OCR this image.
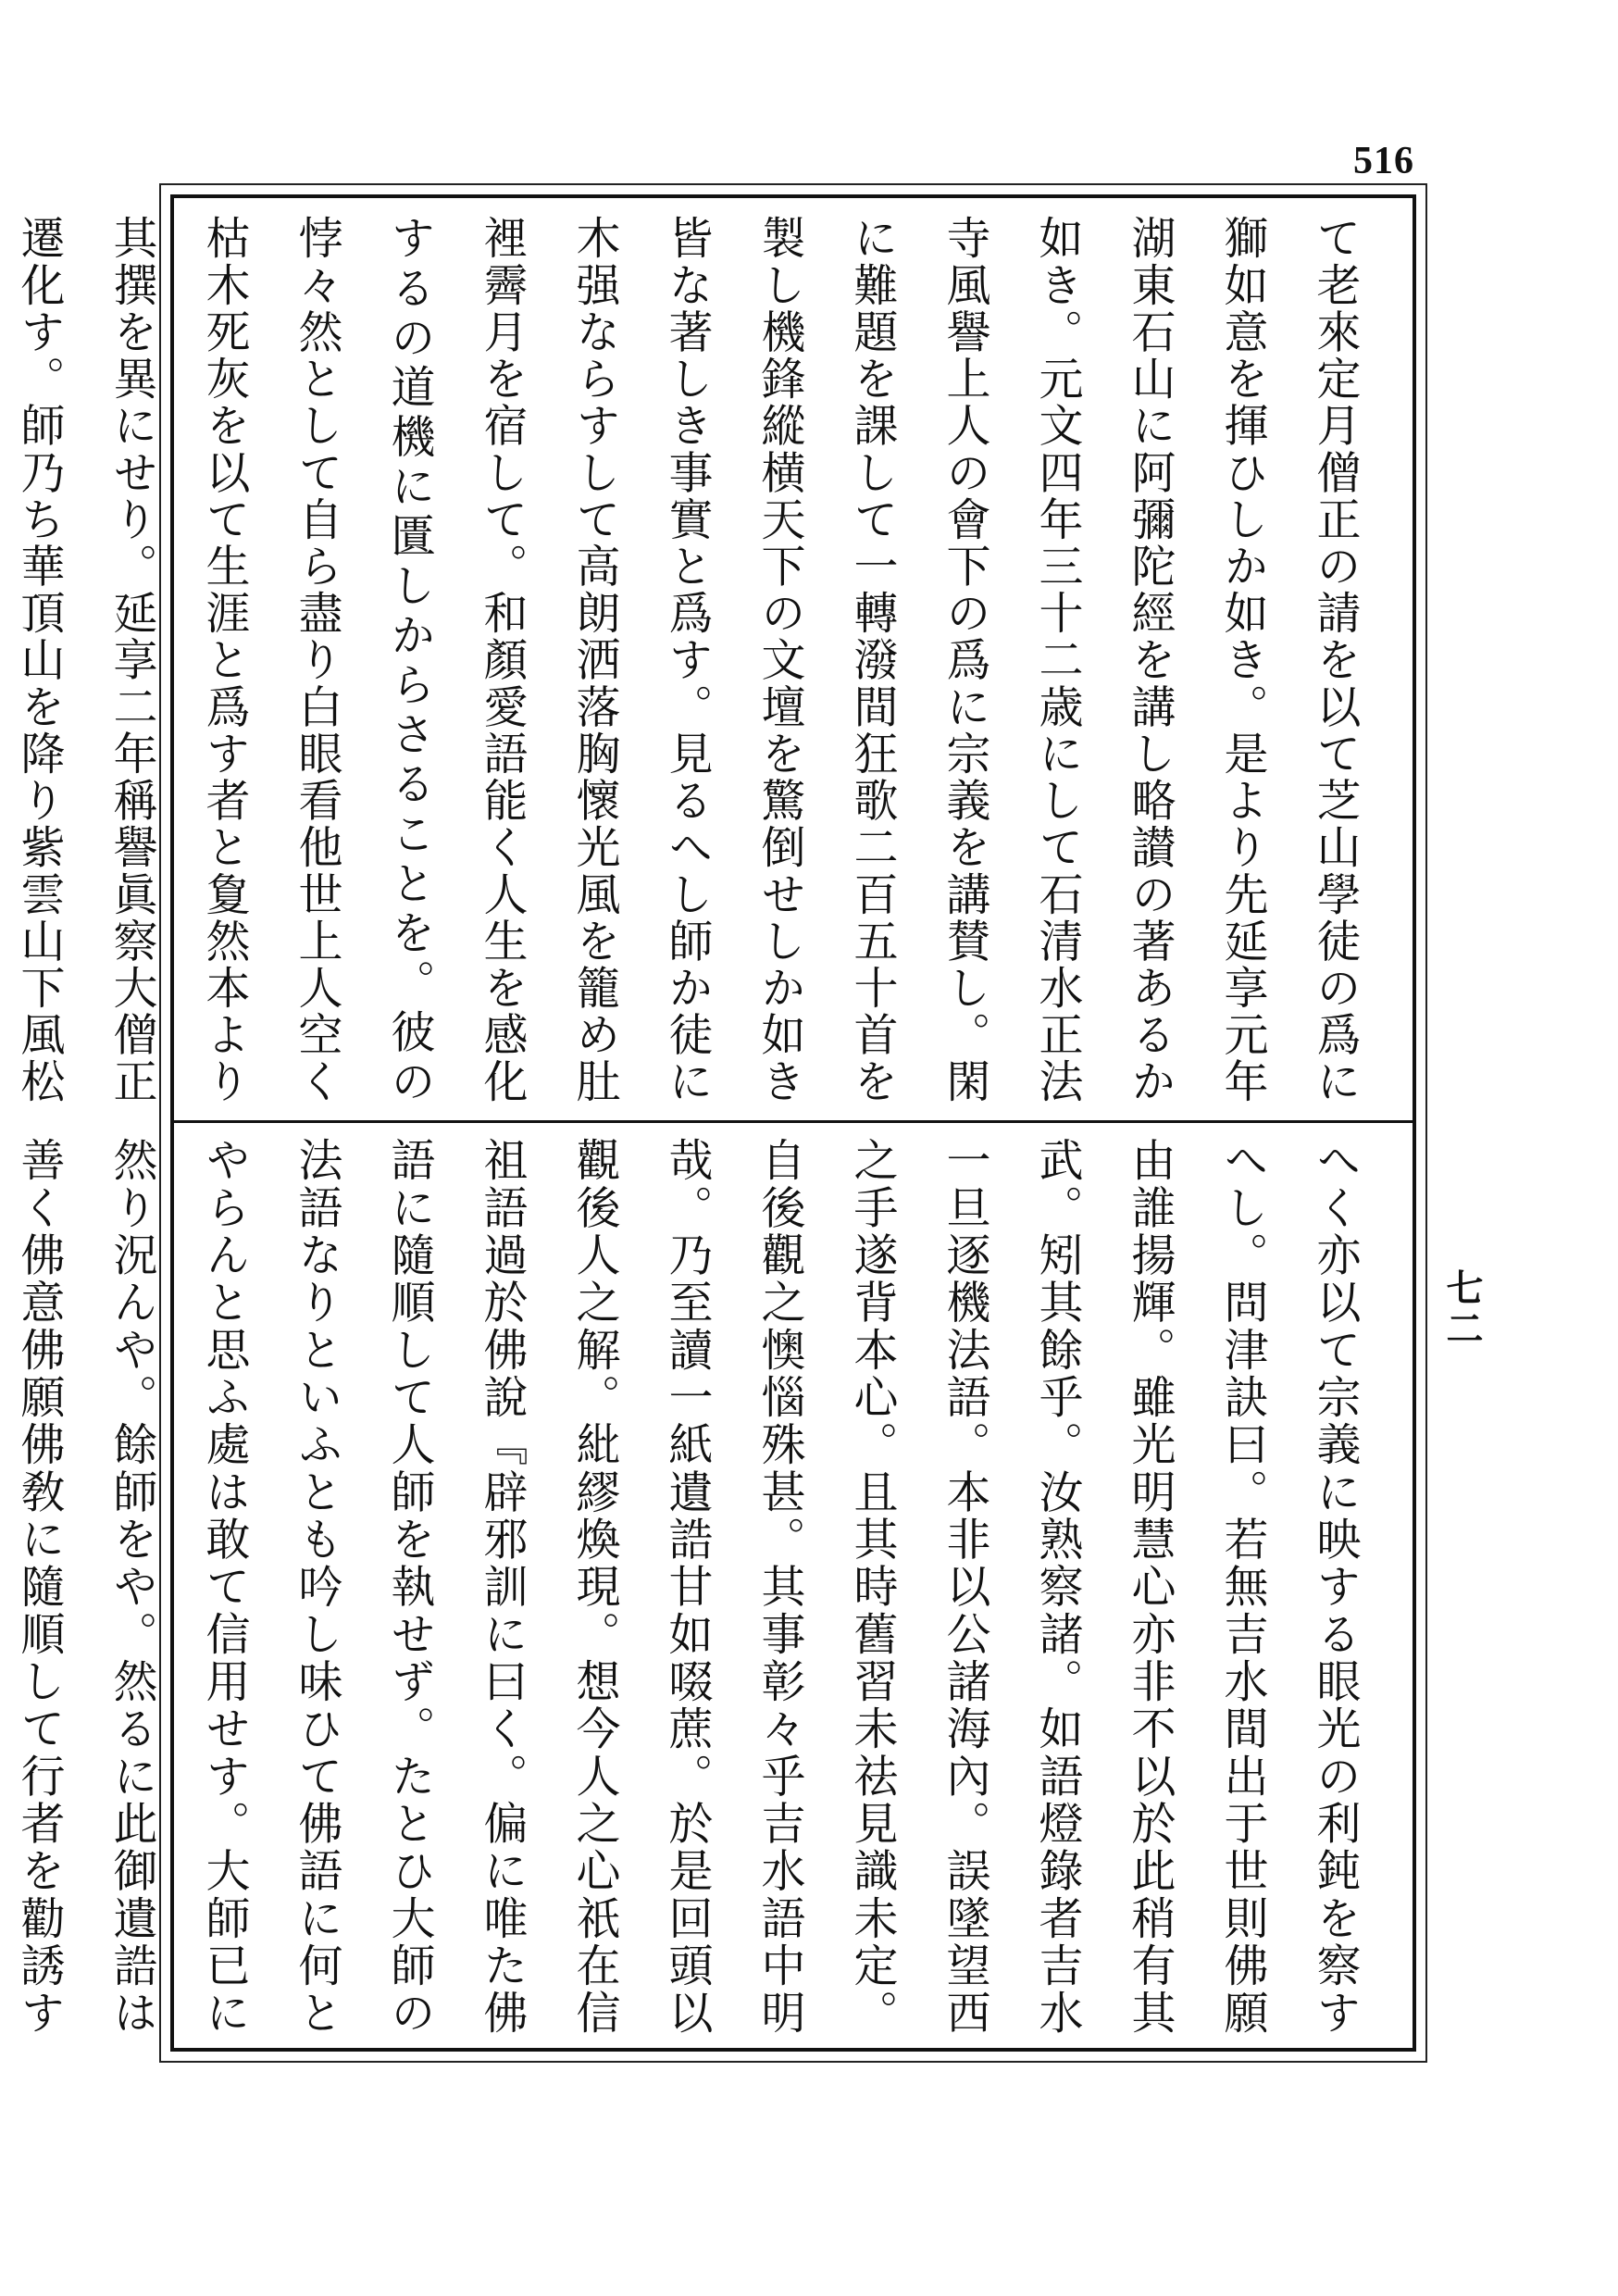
516
て老來定月僧正の請を以て芝山學徒の爲に獅如意を揮ひしか如き。是より先延享元年湖東石山に阿彌陀經を講し略讃の著あるか如き。元文四年三十二歳にして石清水正法寺風譽上人の會下の爲に宗義を講賛し。閑に難題を課して一轉潑間狂歌二百五十首を製し機鋒縱横天下の文壇を驚倒せしか如き皆な著しき事實と爲す。見るへし師か徒に木强ならすして高朗洒落胸懷光風を籠め肚裡霽月を宿して。和顏愛語能く人生を感化するの道機に匱しからさることを。彼の悖々然として自ら盡り白眼看他世上人空く枯木死灰を以て生涯と爲す者と夐然本より其撰を異にせり。延享二年稱譽眞察大僧正遷化す。師乃ち華頂山を降り紫雲山下風松
へく亦以て宗義に映する眼光の利鈍を察すへし。問津訣曰。若無吉水間出于世則佛願由誰揚輝。雖光明慧心亦非不以於此稍有其武。矧其餘乎。汝熟察諸。如語燈錄者吉水一旦逐機法語。本非以公諸海內。誤墜望西之手遂背本心。且其時舊習未祛見識未定。自後觀之懊惱殊甚。其事彰々乎吉水語中明哉。乃至讀一紙遺誥甘如啜蔗。於是回頭以觀後人之解。紕繆煥現。想今人之心祇在信祖語過於佛說『辟邪訓に曰く。偏に唯た佛語に隨順して人師を執せず。たとひ大師の法語なりといふとも吟し味ひて佛語に何とやらんと思ふ處は敢て信用せす。大師已に然り況んや。餘師をや。然るに此御遺誥は善く佛意佛願佛敎に隨順して行者を勸誘す　
七二
